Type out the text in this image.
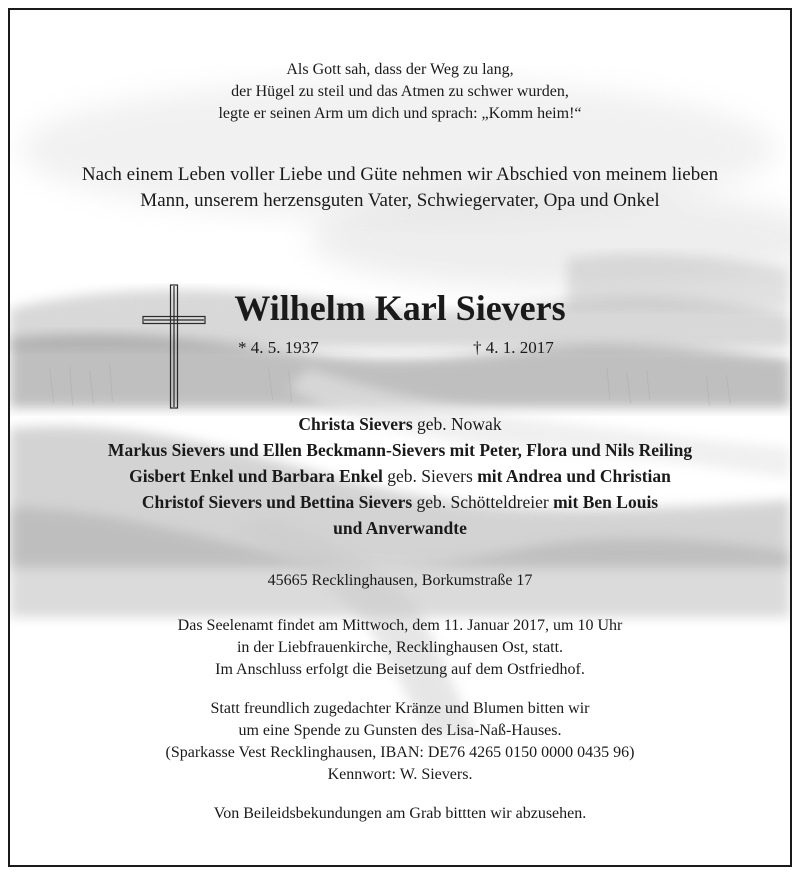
Als Gott sah, dass der Weg zu lang,
der Hügel zu steil und das Atmen zu schwer wurden,
legte er seinen Arm um dich und sprach: „Komm heim!“
Nach einem Leben voller Liebe und Güte nehmen wir Abschied von meinem lieben
Mann, unserem herzensguten Vater, Schwiegervater, Opa und Onkel
Wilhelm Karl Sievers
* 4. 5. 1937	† 4. 1. 2017
Christa Sievers geb. Nowak
Markus Sievers und Ellen Beckmann-Sievers mit Peter, Flora und Nils Reiling
Gisbert Enkel und Barbara Enkel geb. Sievers mit Andrea und Christian
Christof Sievers und Bettina Sievers geb. Schötteldreier mit Ben Louis
und Anverwandte
45665 Recklinghausen, Borkumstraße 17
Das Seelenamt findet am Mittwoch, dem 11. Januar 2017, um 10 Uhr
in der Liebfrauenkirche, Recklinghausen Ost, statt.
Im Anschluss erfolgt die Beisetzung auf dem Ostfriedhof.
Statt freundlich zugedachter Kränze und Blumen bitten wir
um eine Spende zu Gunsten des Lisa-Naß-Hauses.
(Sparkasse Vest Recklinghausen, IBAN: DE76 4265 0150 0000 0435 96)
Kennwort: W. Sievers.
Von Beileidsbekundungen am Grab bittten wir abzusehen.
